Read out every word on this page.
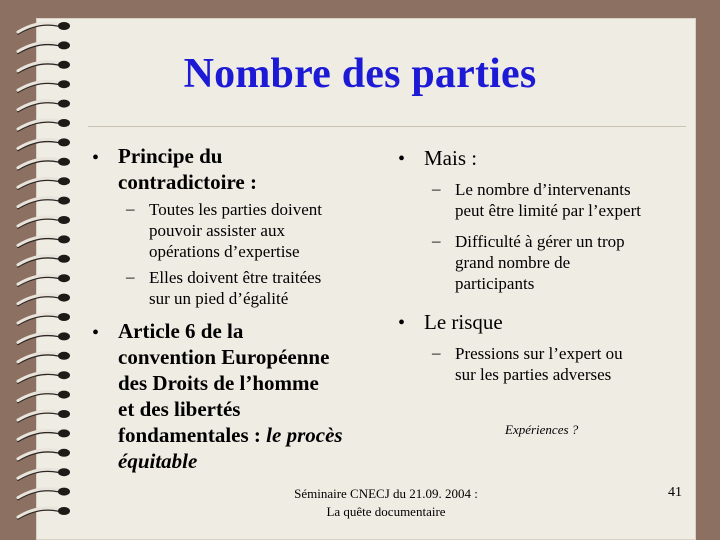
Nombre des parties
• Principe du
contradictoire :
– Toutes les parties doivent
pouvoir assister aux
opérations d’expertise
– Elles doivent être traitées
sur un pied d’égalité
• Article 6 de la
convention Européenne
des Droits de l’homme
et des libertés
fondamentales : le procès
équitable
• Mais :
– Le nombre d’intervenants
peut être limité par l’expert
– Difficulté à gérer un trop
grand nombre de
participants
• Le risque
– Pressions sur l’expert ou
sur les parties adverses
Expériences ?
Séminaire CNECJ du 21.09. 2004 :
La quête documentaire
41
